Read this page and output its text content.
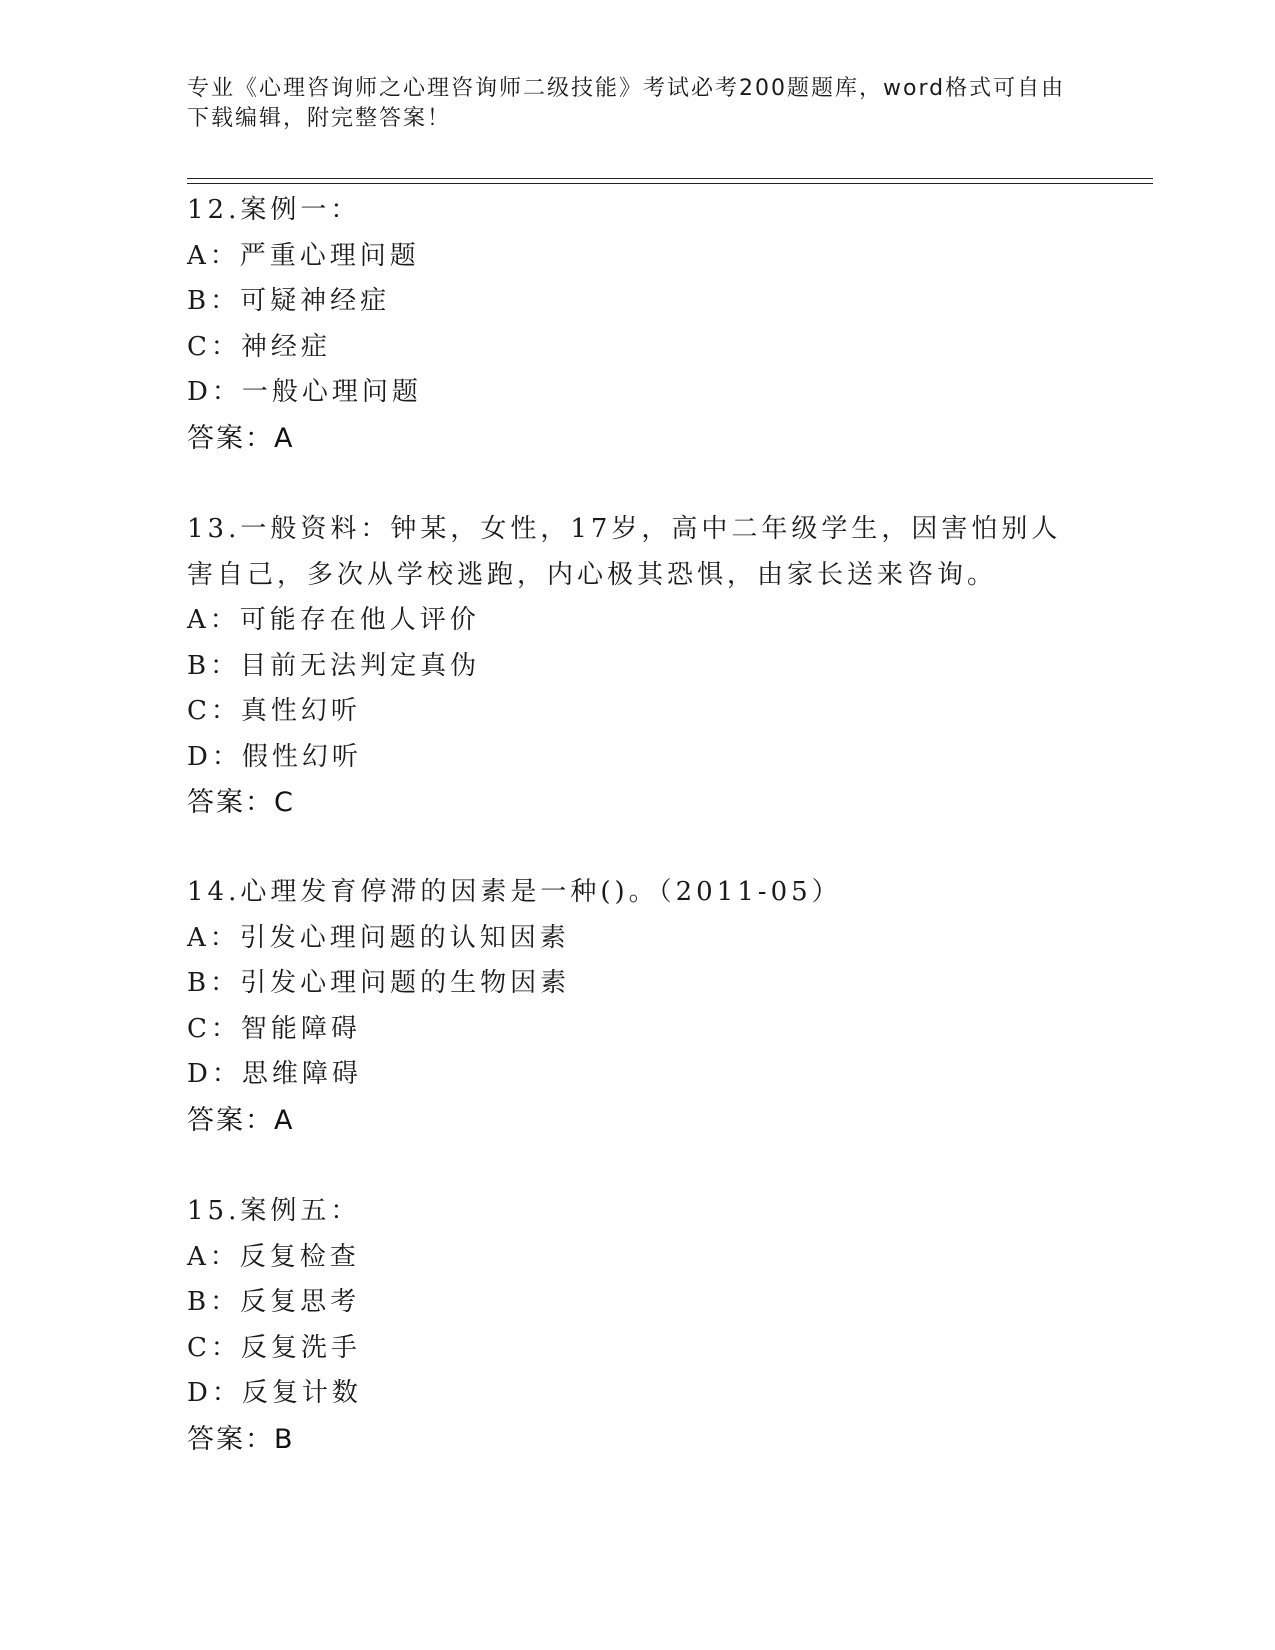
专业《心理咨询师之心理咨询师二级技能》考试必考200题题库，word格式可自由下载编辑，附完整答案！
12.案例一：
A：严重心理问题
B：可疑神经症
C：神经症
D：一般心理问题
答案：A
13.一般资料：钟某，女性，17岁，高中二年级学生，因害怕别人害自己，多次从学校逃跑，内心极其恐惧，由家长送来咨询。
A：可能存在他人评价
B：目前无法判定真伪
C：真性幻听
D：假性幻听
答案：C
14.心理发育停滞的因素是一种()。（2011-05）
A：引发心理问题的认知因素
B：引发心理问题的生物因素
C：智能障碍
D：思维障碍
答案：A
15.案例五：
A：反复检查
B：反复思考
C：反复洗手
D：反复计数
答案：B
